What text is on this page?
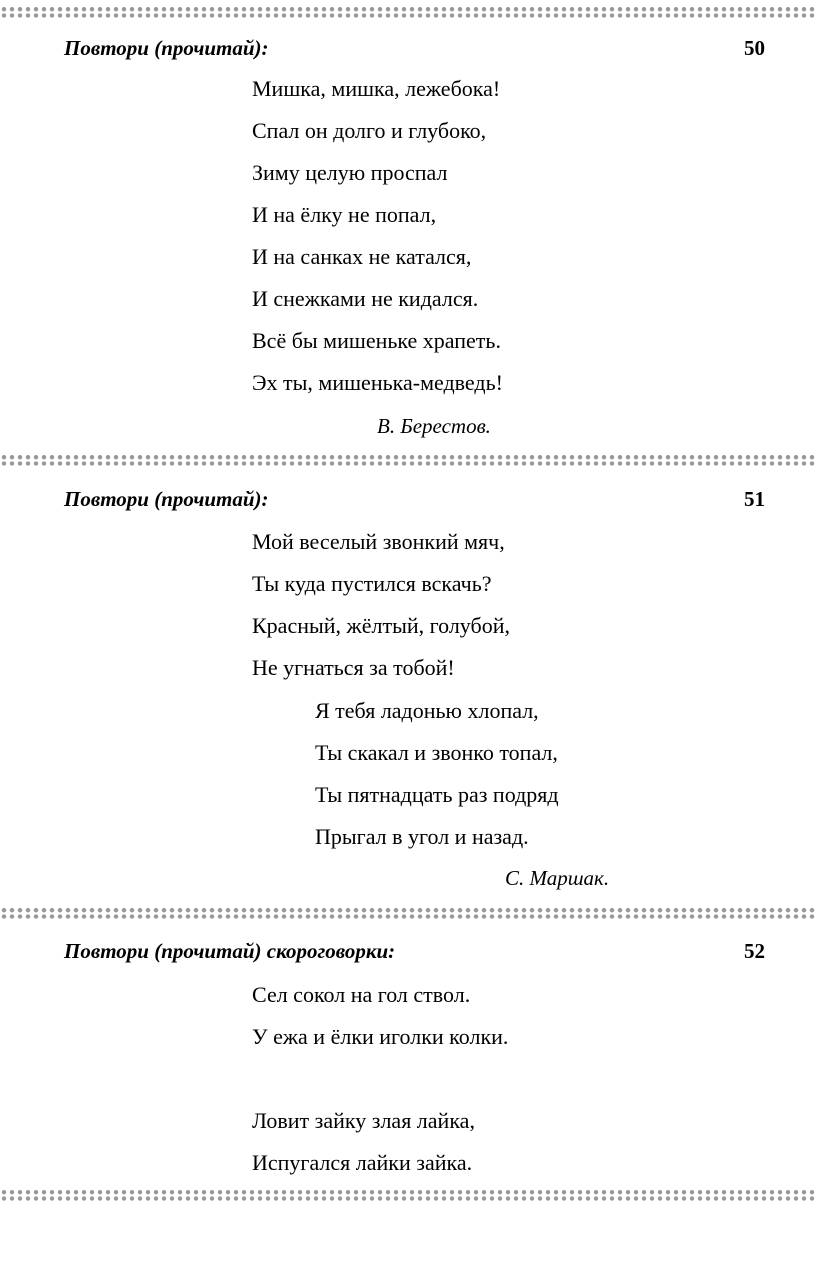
Повтори (прочитай):	50
Мишка, мишка, лежебока!
Спал он долго и глубоко,
Зиму целую проспал
И на ёлку не попал,
И на санках не катался,
И снежками не кидался.
Всё бы мишеньке храпеть.
Эх ты, мишенька-медведь!
В. Берестов.
Повтори (прочитай):	51
Мой веселый звонкий мяч,
Ты куда пустился вскачь?
Красный, жёлтый, голубой,
Не угнаться за тобой!
Я тебя ладонью хлопал,
Ты скакал и звонко топал,
Ты пятнадцать раз подряд
Прыгал в угол и назад.
С. Маршак.
Повтори (прочитай) скороговорки:	52
Сел сокол на гол ствол.
У ежа и ёлки иголки колки.
Ловит зайку злая лайка,
Испугался лайки зайка.
